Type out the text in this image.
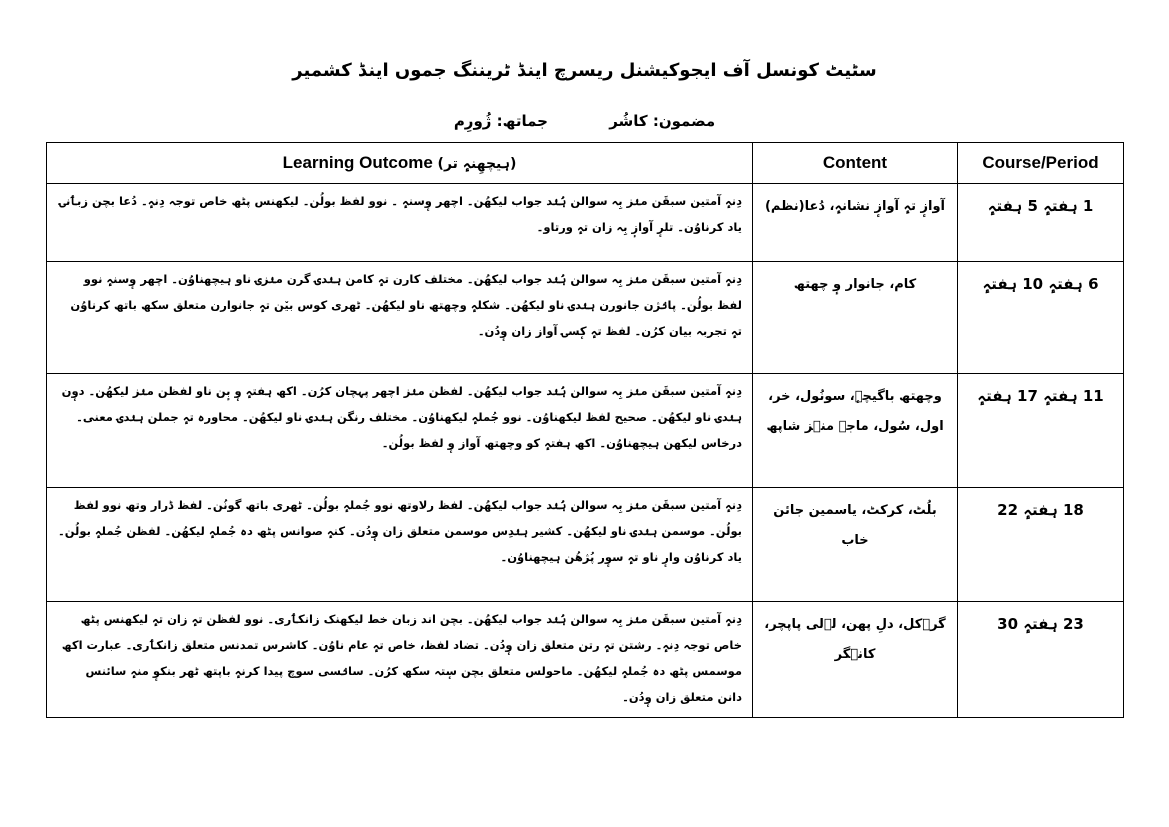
سٹیٹ کونسل آف ایجوکیشنل ریسرچ اینڈ ٹریننگ جموں اینڈ کشمیر
مضمون: کاشُر جماتھ: ژُورِم
Learning Outcome (ہیچھِنہٕ تر)	Content	Course/Period
دِنہٕ آمتین سبقَن منٛز بِہ سوالن ہُنٛد جواب لیکھُن۔ اچھر وٕسنہٕ ۔ نوو لفظ بولُن۔ لیکھنس پٹھ خاص توجہ دِنہٕ۔ دُعا بچن زبٲنۍ یاد کرناوُن۔ تلرٕ آوازٕ بِہ زان تہٕ ورتاو۔	آوازٕ تہٕ آوازٕ نشانہٕ، دُعا(نظم)	1 ہفتہٕ 5 ہفتہٕ
دِنہٕ آمتین سبقَن منٛز بِہ سوالن ہُنٛد جواب لیکھُن۔ مختلف کارن تہٕ کامن ہنٛدۍ گرن منٛزۍ ناو ہیچھناوُن۔ اچھر وٕسنہٕ نوو لفظ بولُن۔ پانٛژن جانورن ہنٛدۍ ناو لیکھُن۔ شکلہٕ وچھتھ ناو لیکھُن۔ ٹھری کوس بیٚن تہٕ جانوارن متعلق سکھ باتھ کرناوُن تہٕ تجربہ بیان کرُن۔ لفظ تہٕ کٕسۍ آواز زان وٕدُن۔	کام، جانوار وٕ چھتھ	6 ہفتہٕ 10 ہفتہٕ
دِنہٕ آمتین سبقَن منٛز بِہ سوالن ہُنٛد جواب لیکھُن۔ لفظن منٛز اچھر پہچان کرُن۔ اکھ ہفتہٕ وٕ بٕن ناو لفظن منٛز لیکھُن۔ دوٕن ہنٛدۍ ناو لیکھُن۔ صحیح لفظ لیکھناوُن۔ نوو جُملہٕ لیکھناوُن۔ مختلف رنگن ہنٛدۍ ناو لیکھُن۔ محاورہ تہٕ جملن ہنٛدۍ معنی۔ درخاس لیکھن ہیچھناوُن۔ اکھ ہفتہٕ کو وچھتھ آواز وٕ لفظ بولُن۔	وچھتھ باگیچہٕ، سونُول، خر، اول، سُول، ماجہ منٛز شاپھ	11 ہفتہٕ 17 ہفتہٕ
دِنہٕ آمتین سبقَن منٛز بِہ سوالن ہُنٛد جواب لیکھُن۔ لفظ رلاوتھ نوو جُملہٕ بولُن۔ ٹھری باتھ گونُن۔ لفظ ڈرار وتھ نوو لفظ بولُن۔ موسمن ہنٛدۍ ناو لیکھُن۔ کشیر ہنٛدِس موسمن متعلق زان وٕدُن۔ کنہٕ صوانس پٹھ دہ جُملہٕ لیکھُن۔ لفظن جُملہٕ بولُن۔ یاد کرناوُن وارٕ ناو تہٕ سوٕر پُژھُن ہیچھناوُن۔	بلُٹ، کرکٹ، یاسمین جائن خاب	18 ہفتہٕ 22
دِنہٕ آمتین سبقَن منٛز بِہ سوالن ہُنٛد جواب لیکھُن۔ بچن اند زبان خط لیکھنک زانکٲری۔ نوو لفظن تہٕ زان تہٕ لیکھنس پٹھ خاص توجہ دِنہٕ۔ رشتن تہٕ رتن متعلق زان وٕدُن۔ تضاد لفظ، خاص تہٕ عام ناوُن۔ کاشرس تمدنس متعلق زانکٲری۔ عبارت اکھ موسمس پٹھ دہ جُملہٕ لیکھُن۔ ماحولس متعلق بچن سٕتہ سکھ کرُن۔ سانٛسی سوچ پیدا کرنہٕ باپتھ ٹھر بنکوٕ منہٕ سائنس دانن متعلق زان وٕدُن۔	گرٛکل، دلِ پھن، لٲلی پاپچر، کانٛگر	23 ہفتہٕ 30
